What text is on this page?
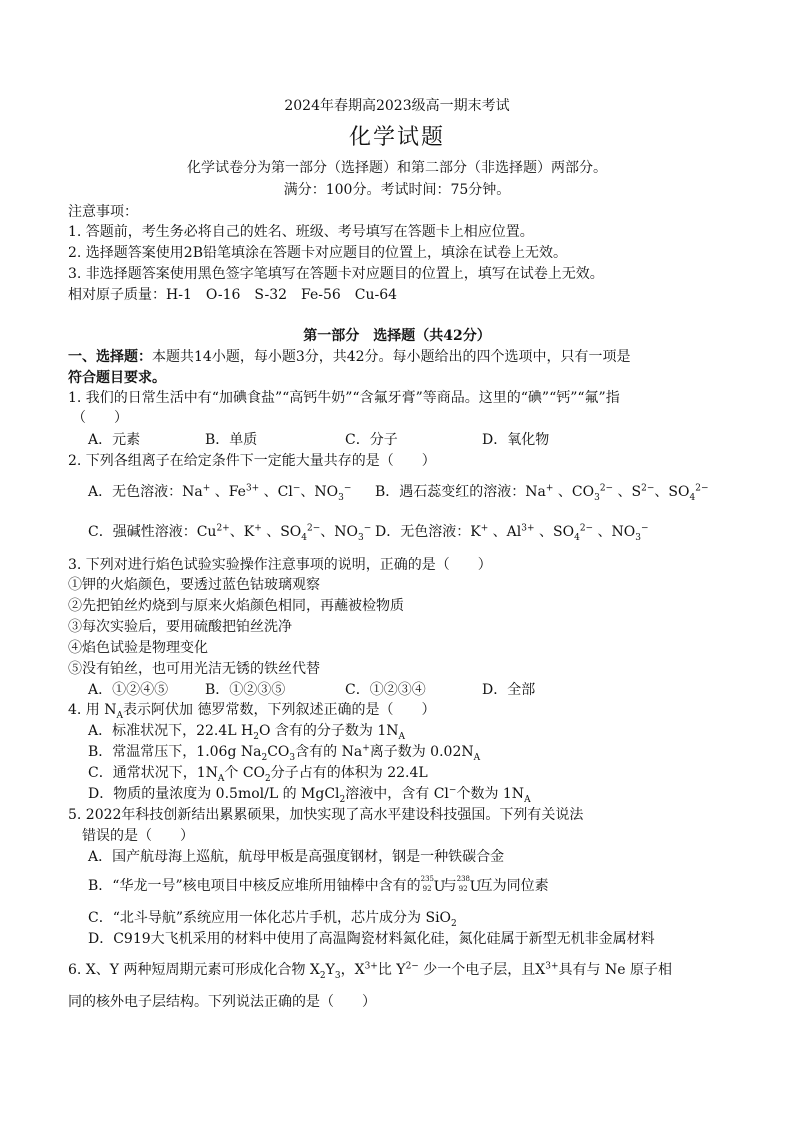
2024年春期高2023级高一期末考试
化学试题
化学试卷分为第一部分（选择题）和第二部分（非选择题）两部分。
满分：100分。考试时间：75分钟。
注意事项：
1. 答题前，考生务必将自己的姓名、班级、考号填写在答题卡上相应位置。
2. 选择题答案使用2B铅笔填涂在答题卡对应题目的位置上，填涂在试卷上无效。
3. 非选择题答案使用黑色签字笔填写在答题卡对应题目的位置上，填写在试卷上无效。
相对原子质量：H-1　O-16　S-32　Fe-56　Cu-64
第一部分　选择题（共42分）
一、选择题：本题共14小题，每小题3分，共42分。每小题给出的四个选项中，只有一项是
符合题目要求。
1. 我们的日常生活中有“加碘食盐”“高钙牛奶”“含氟牙膏”等商品。这里的“碘”“钙”“氟”指
（　　）
A．元素	B．单质	C．分子	D．氧化物
2. 下列各组离子在给定条件下一定能大量共存的是（　　）
A．无色溶液：Na+ 、$Fe^{3+}$ 、Cl−、$NO_3^-$ B．遇石蕊变红的溶液：Na+ 、$CO_3^{2-}$ 、$S^{2-}$、$SO_4^{2-}$
C．强碱性溶液：$Cu^{2+}$、K+ 、$SO_4^{2-}$、$NO_3^-$ D．无色溶液：K+ 、$Al^{3+}$ 、$SO_4^{2-}$ 、$NO_3^-$
3. 下列对进行焰色试验实验操作注意事项的说明，正确的是（　　）
①钾的火焰颜色，要透过蓝色钴玻璃观察
②先把铂丝灼烧到与原来火焰颜色相同，再蘸被检物质
③每次实验后，要用硫酸把铂丝洗净
④焰色试验是物理变化
⑤没有铂丝，也可用光洁无锈的铁丝代替
A．①②④⑤	B．①②③⑤	C．①②③④	D．全部
4. 用 $N_A$表示阿伏加 德罗常数，下列叙述正确的是（　　）
A．标准状况下，22.4L $H_2O$ 含有的分子数为 $1N_A$
B．常温常压下，1.06g $Na_2CO_3$含有的 Na+离子数为 $0.02N_A$
C．通常状况下，$1N_A$个 $CO_2$分子占有的体积为 22.4L
D．物质的量浓度为 0.5mol/L 的 MgCl$_2$溶液中，含有 Cl−个数为 $1N_A$
5. 2022年科技创新结出累累硕果，加快实现了高水平建设科技强国。下列有关说法
错误的是（　　）
A．国产航母海上巡航，航母甲板是高强度钢材，钢是一种铁碳合金
B．“华龙一号”核电项目中核反应堆所用铀棒中含有的 235
92 U
与 238
92 U
互为同位素
C．“北斗导航”系统应用一体化芯片手机，芯片成分为 SiO$_2$
D．C919大飞机采用的材料中使用了高温陶瓷材料氮化硅，氮化硅属于新型无机非金属材料
6. X、Y 两种短周期元素可形成化合物 $X_2Y_3$，$X^{3+}$比 $Y^{2-}$ 少一个电子层，且$X^{3+}$具有与 Ne 原子相
同的核外电子层结构。下列说法正确的是（　　）
